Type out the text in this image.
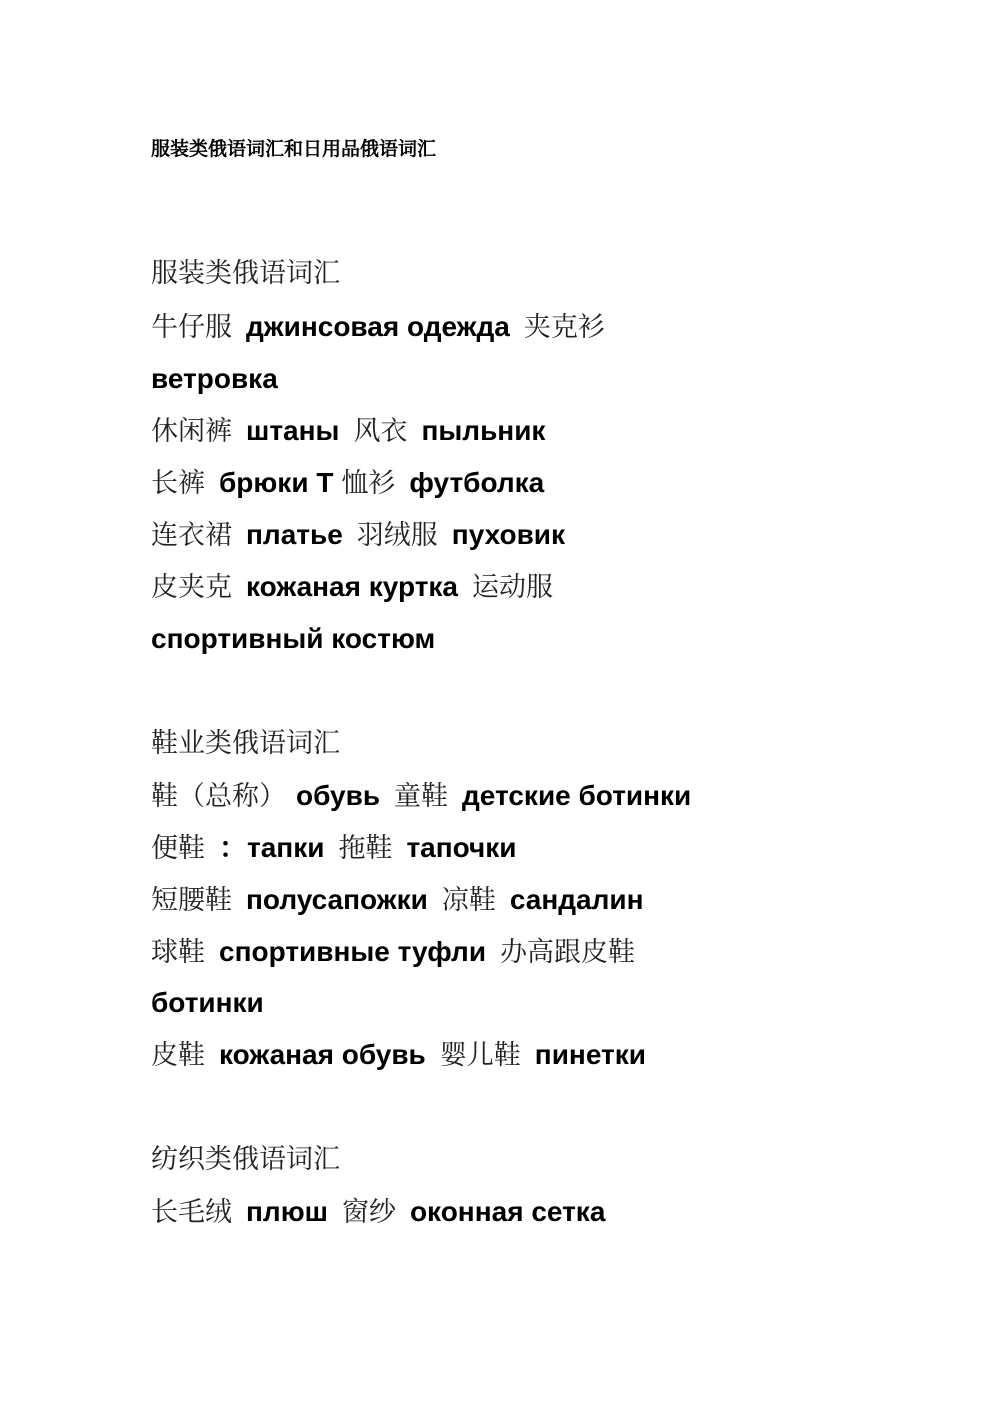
服装类俄语词汇和日用品俄语词汇
服装类俄语词汇
牛仔服 джинсовая одежда 夹克衫
ветровка
休闲裤 штаны 风衣 пыльник
长裤 брюки Т 恤衫 футболка
连衣裙 платье 羽绒服 пуховик
皮夹克 кожаная куртка 运动服
спортивный костюм
鞋业类俄语词汇
鞋（总称） обувь 童鞋 детские ботинки
便鞋 ：тапки 拖鞋 тапочки
短腰鞋 полусапожки 凉鞋 сандалин
球鞋 спортивные туфли 办高跟皮鞋
ботинки
皮鞋 кожаная обувь 婴儿鞋 пинетки
纺织类俄语词汇
长毛绒 плюш 窗纱 оконная сетка
